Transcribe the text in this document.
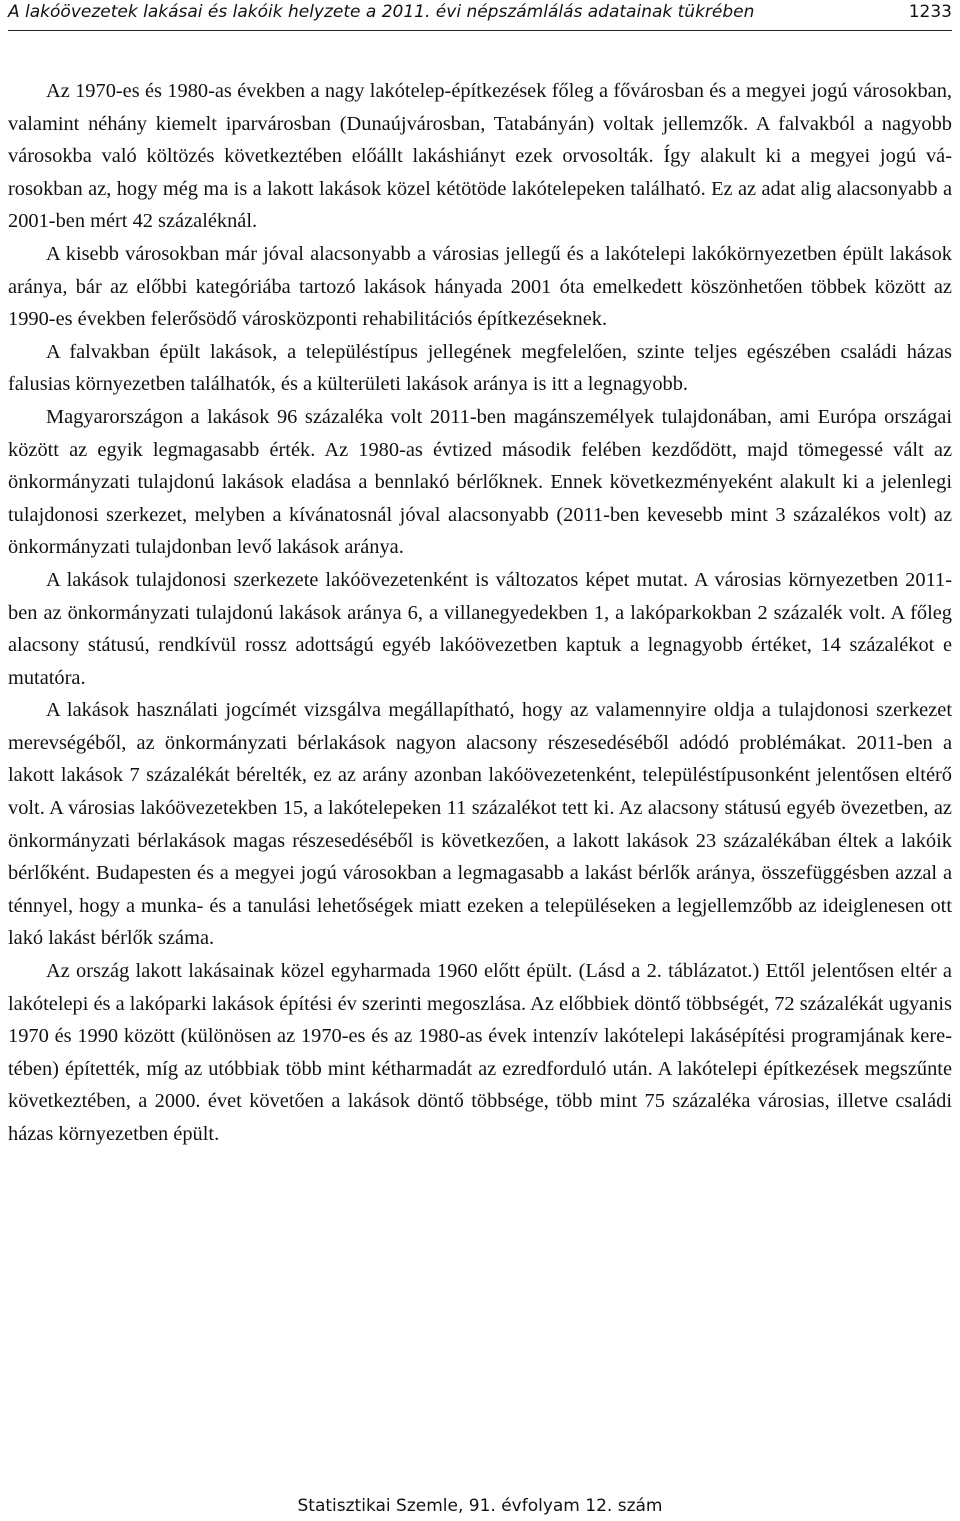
A lakóövezetek lakásai és lakóik helyzete a 2011. évi népszámlálás adatainak tükrében	1233

Az 1970-es és 1980-as években a nagy lakótelep-építkezések főleg a fővárosban és a megyei jogú városokban, valamint néhány kiemelt iparvárosban (Dunaújvárosban, Tatabányán) voltak jellemzők. A falvakból a nagyobb városokba való költözés következtében előállt lakáshiányt ezek orvosolták. Így alakult ki a megyei jogú városokban az, hogy még ma is a lakott lakások közel kétötöde lakótelepeken található. Ez az adat alig alacsonyabb a 2001-ben mért 42 százaléknál.

A kisebb városokban már jóval alacsonyabb a városias jellegű és a lakótelepi lakókörnyezetben épült lakások aránya, bár az előbbi kategóriába tartozó lakások hányada 2001 óta emelkedett köszönhetően többek között az 1990-es években felerősödő városközponti rehabilitációs építkezéseknek.

A falvakban épült lakások, a településtípus jellegének megfelelően, szinte teljes egészében családi házas falusias környezetben találhatók, és a külterületi lakások aránya is itt a legnagyobb.

Magyarországon a lakások 96 százaléka volt 2011-ben magánszemélyek tulajdonában, ami Európa országai között az egyik legmagasabb érték. Az 1980-as évtized második felében kezdődött, majd tömegessé vált az önkormányzati tulajdonú lakások eladása a bennlakó bérlőknek. Ennek következményeként alakult ki a jelenlegi tulajdonosi szerkezet, melyben a kívánatosnál jóval alacsonyabb (2011-ben kevesebb mint 3 százalékos volt) az önkormányzati tulajdonban levő lakások aránya.

A lakások tulajdonosi szerkezete lakóövezetenként is változatos képet mutat. A városias környezetben 2011-ben az önkormányzati tulajdonú lakások aránya 6, a villanegyedekben 1, a lakóparkokban 2 százalék volt. A főleg alacsony státusú, rendkívül rossz adottságú egyéb lakóövezetben kaptuk a legnagyobb értéket, 14 százalékot e mutatóra.

A lakások használati jogcímét vizsgálva megállapítható, hogy az valamennyire oldja a tulajdonosi szerkezet merevségéből, az önkormányzati bérlakások nagyon alacsony részesedéséből adódó problémákat. 2011-ben a lakott lakások 7 százalékát bérelték, ez az arány azonban lakóövezetenként, településtípusonként jelentősen eltérő volt. A városias lakóövezetekben 15, a lakótelepeken 11 százalékot tett ki. Az alacsony státusú egyéb övezetben, az önkormányzati bérlakások magas részesedéséből is következően, a lakott lakások 23 százalékában éltek a lakóik bérlőként. Budapesten és a megyei jogú városokban a legmagasabb a lakást bérlők aránya, összefüggésben azzal a ténnyel, hogy a munka- és a tanulási lehetőségek miatt ezeken a településeken a legjellemzőbb az ideiglenesen ott lakó lakást bérlők száma.

Az ország lakott lakásainak közel egyharmada 1960 előtt épült. (Lásd a 2. táblázatot.) Ettől jelentősen eltér a lakótelepi és a lakóparki lakások építési év szerinti megoszlása. Az előbbiek döntő többségét, 72 százalékát ugyanis 1970 és 1990 között (különösen az 1970-es és az 1980-as évek intenzív lakótelepi lakásépítési programjának keretében) építették, míg az utóbbiak több mint kétharmadát az ezredforduló után. A lakótelepi építkezések megszűnte következtében, a 2000. évet követően a lakások döntő többsége, több mint 75 százaléka városias, illetve családi házas környezetben épült.

Statisztikai Szemle, 91. évfolyam 12. szám
